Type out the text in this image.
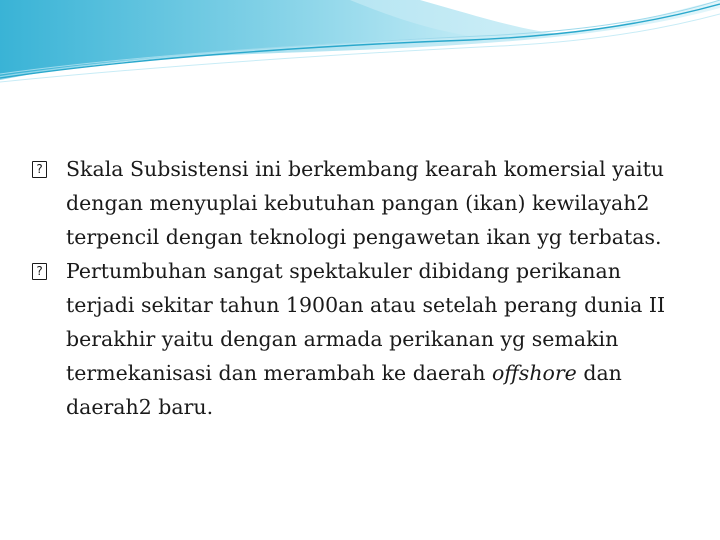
? Skala Subsistensi ini berkembang kearah komersial yaitu dengan menyuplai kebutuhan pangan (ikan) kewilayah2 terpencil dengan teknologi pengawetan ikan yg terbatas.

? Pertumbuhan sangat spektakuler dibidang perikanan terjadi sekitar tahun 1900an atau setelah perang dunia II berakhir yaitu dengan armada perikanan yg semakin termekanisasi dan merambah ke daerah offshore dan daerah2 baru.
